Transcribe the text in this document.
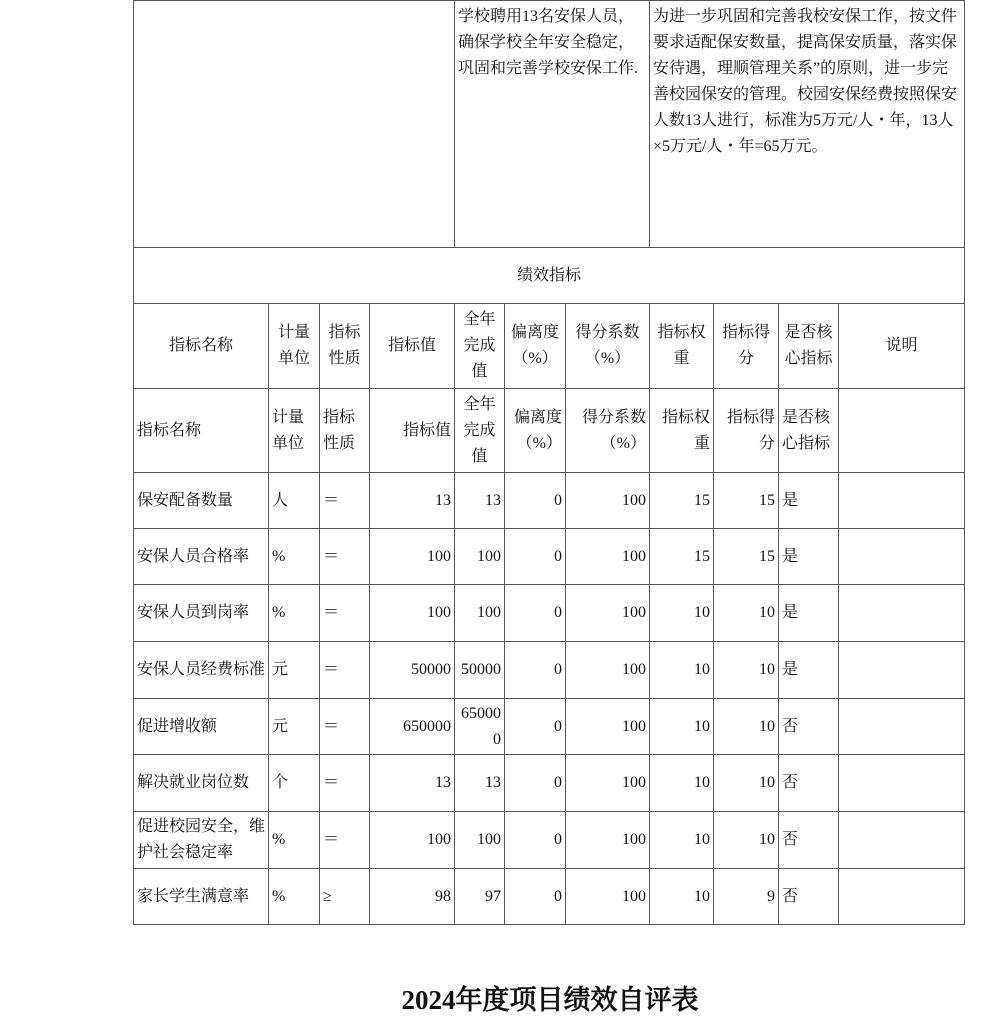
				学校聘用13名安保人员，确保学校全年安全稳定，巩固和完善学校安保工作.			为进一步巩固和完善我校安保工作，按文件要求适配保安数量，提高保安质量，落实保安待遇，理顺管理关系”的原则，进一步完善校园保安的管理。校园安保经费按照保安人数13人进行，标准为5万元/人・年，13人×5万元/人・年=65万元。			
绩效指标										
指标名称	计量单位	指标性质	指标值	全年完成值	偏离度（%）	得分系数（%）	指标权重	指标得分	是否核心指标	说明
指标名称	计量单位	指标性质	指标值	全年完成值	偏离度（%）	得分系数（%）	指标权重	指标得分	是否核心指标	
保安配备数量	人	＝	13	13	0	100	15	15	是	
安保人员合格率	%	＝	100	100	0	100	15	15	是	
安保人员到岗率	%	＝	100	100	0	100	10	10	是	
安保人员经费标准	元	＝	50000	50000	0	100	10	10	是	
促进增收额	元	＝	650000	650000	0	100	10	10	否	
解决就业岗位数	个	＝	13	13	0	100	10	10	否	
促进校园安全，维护社会稳定率	%	＝	100	100	0	100	10	10	否	
家长学生满意率	%	≥	98	97	0	100	10	9	否	
2024年度项目绩效自评表
